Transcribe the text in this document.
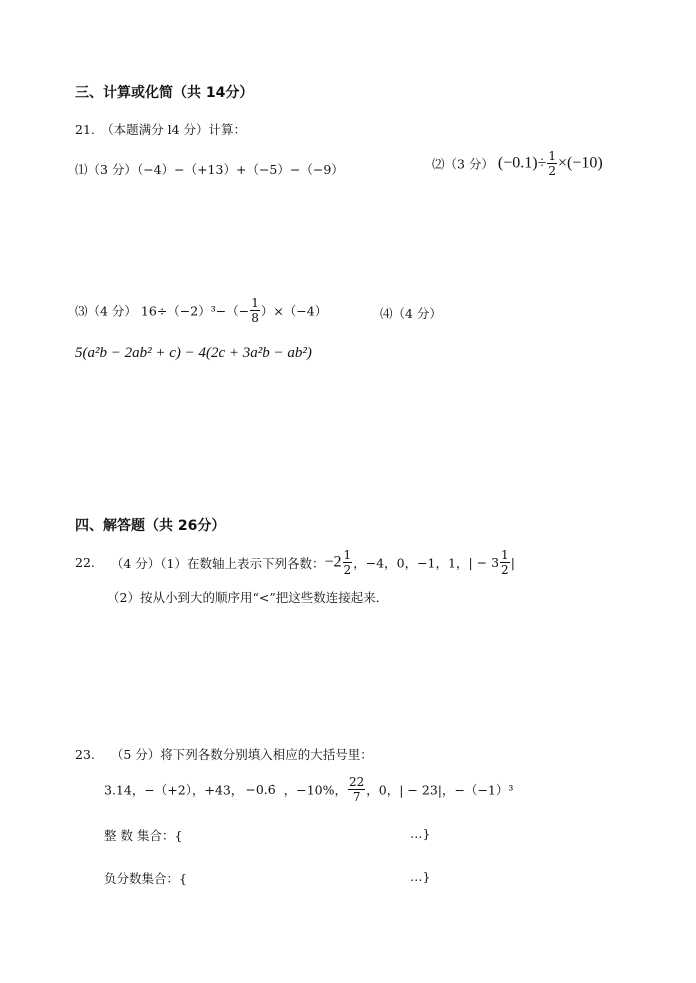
三、计算或化简（共 14分）
21.　（本题满分 l4 分）计算：
⑴（3 分）（−4）−（+13）+（−5）−（−9）	⑵（3 分） $(-0.1)\div \frac{1}{2} \times(-10)$
⑶（4 分） $16\div(-2)^3-(- \frac{1}{8} )\times(-4)$	⑷（4 分）
5(a²b − 2ab² + c) − 4(2c + 3a²b − ab²)
四、解答题（共 26分）
22. （4 分）（1）在数轴上表示下列各数：$-2 \frac{1}{2}$ ，−4，0，−1，1，| − $3 \frac{1}{2}$ |
（2）按从小到大的顺序用“<”把这些数连接起来．
23. （5 分）将下列各数分别填入相应的大括号里：
3.14，−（+2），+43， −0.6̇ ，−10%， $\frac{22}{7}$ ，0，| − 23|，−（−1）³
整 数 集合：{	…}
负分数集合：{	…}
